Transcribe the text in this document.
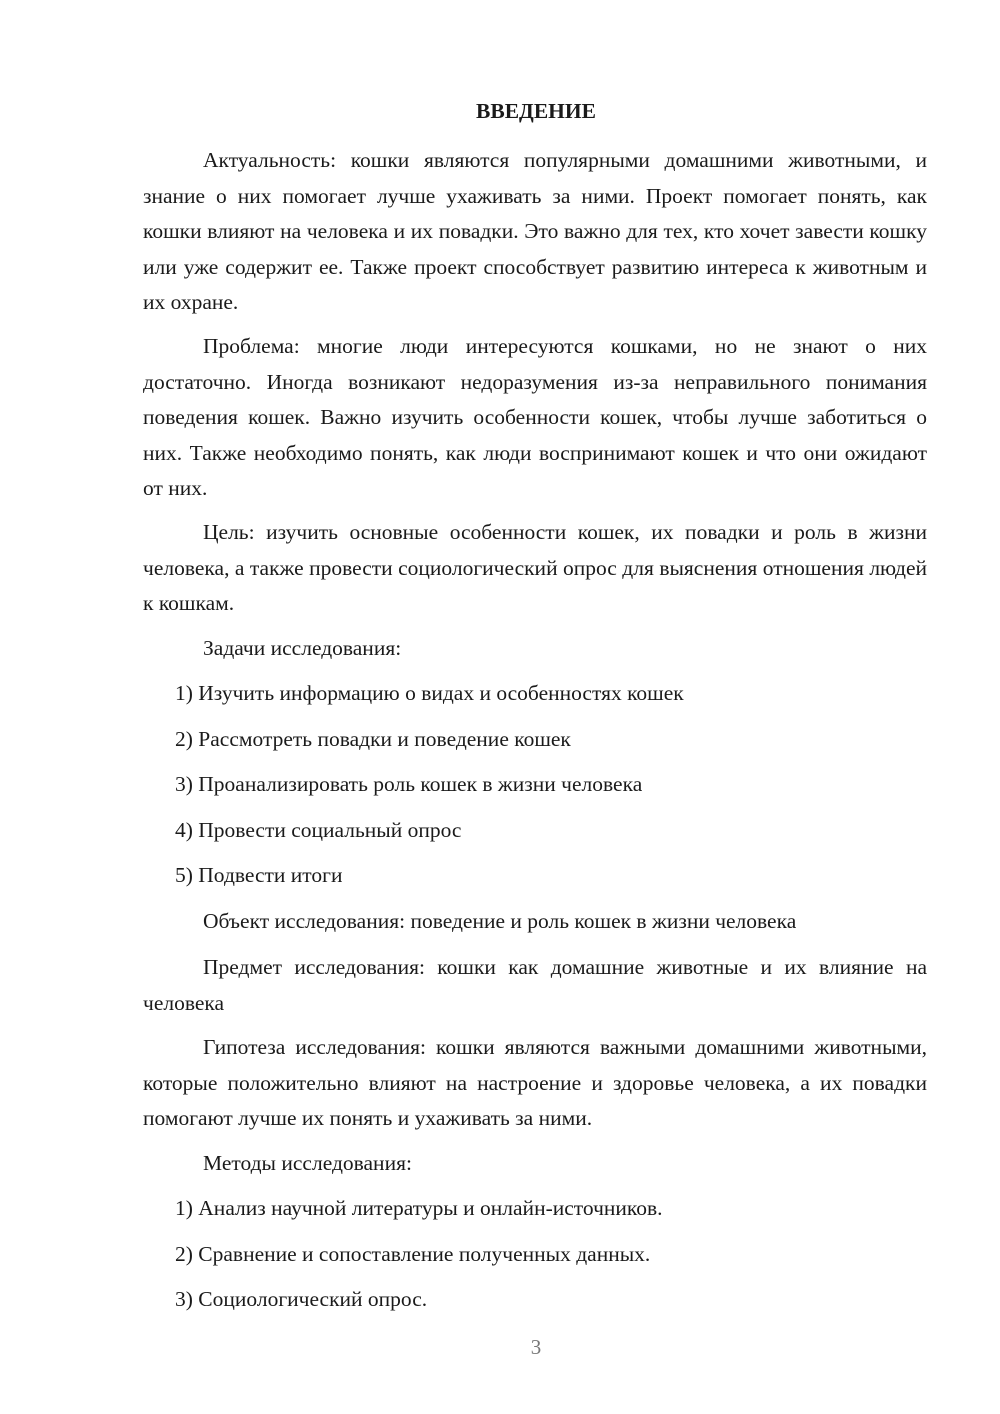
ВВЕДЕНИЕ

Актуальность: кошки являются популярными домашними животными, и знание о них помогает лучше ухаживать за ними. Проект помогает понять, как кошки влияют на человека и их повадки. Это важно для тех, кто хочет завести кошку или уже содержит ее. Также проект способствует развитию интереса к животным и их охране.

Проблема: многие люди интересуются кошками, но не знают о них достаточно. Иногда возникают недоразумения из-за неправильного понимания поведения кошек. Важно изучить особенности кошек, чтобы лучше заботиться о них. Также необходимо понять, как люди воспринимают кошек и что они ожидают от них.

Цель: изучить основные особенности кошек, их повадки и роль в жизни человека, а также провести социологический опрос для выяснения отношения людей к кошкам.

Задачи исследования:
1) Изучить информацию о видах и особенностях кошек
2) Рассмотреть повадки и поведение кошек
3) Проанализировать роль кошек в жизни человека
4) Провести социальный опрос
5) Подвести итоги
Объект исследования: поведение и роль кошек в жизни человека

Предмет исследования: кошки как домашние животные и их влияние на человека

Гипотеза исследования: кошки являются важными домашними животными, которые положительно влияют на настроение и здоровье человека, а их повадки помогают лучше их понять и ухаживать за ними.

Методы исследования:
1) Анализ научной литературы и онлайн-источников.
2) Сравнение и сопоставление полученных данных.
3) Социологический опрос.
3
